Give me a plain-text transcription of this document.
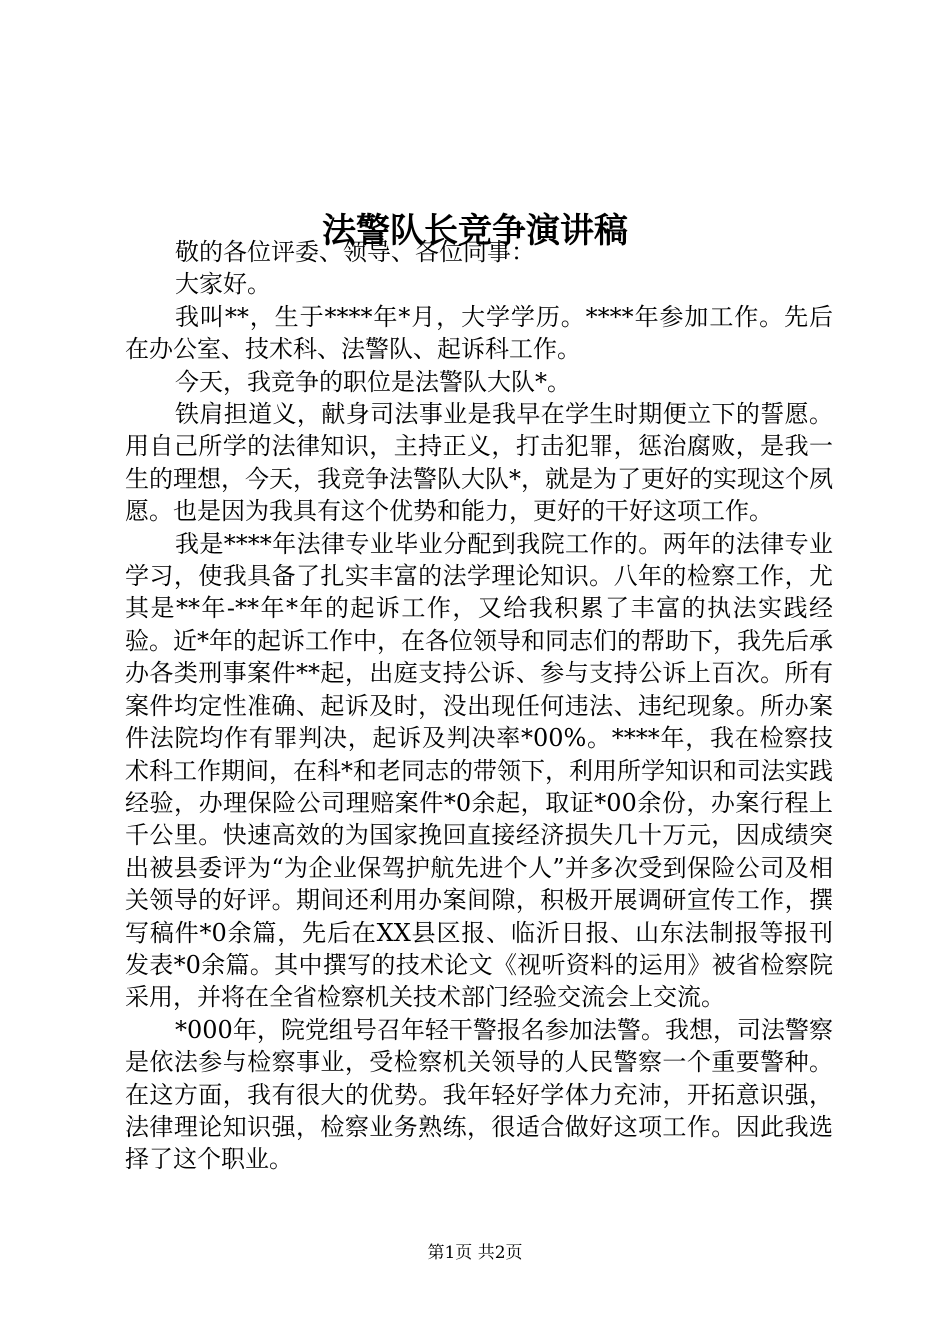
法警队长竞争演讲稿

敬的各位评委、领导、各位同事：

大家好。

我叫**，生于****年*月，大学学历。****年参加工作。先后在办公室、技术科、法警队、起诉科工作。

今天，我竞争的职位是法警队大队*。

铁肩担道义，献身司法事业是我早在学生时期便立下的誓愿。用自己所学的法律知识，主持正义，打击犯罪，惩治腐败，是我一生的理想，今天，我竞争法警队大队*，就是为了更好的实现这个夙愿。也是因为我具有这个优势和能力，更好的干好这项工作。

我是****年法律专业毕业分配到我院工作的。两年的法律专业学习，使我具备了扎实丰富的法学理论知识。八年的检察工作，尤其是**年-**年*年的起诉工作，又给我积累了丰富的执法实践经验。近*年的起诉工作中，在各位领导和同志们的帮助下，我先后承办各类刑事案件**起，出庭支持公诉、参与支持公诉上百次。所有案件均定性准确、起诉及时，没出现任何违法、违纪现象。所办案件法院均作有罪判决，起诉及判决率*00%。****年，我在检察技术科工作期间，在科*和老同志的带领下，利用所学知识和司法实践经验，办理保险公司理赔案件*0余起，取证*00余份，办案行程上千公里。快速高效的为国家挽回直接经济损失几十万元，因成绩突出被县委评为“为企业保驾护航先进个人”并多次受到保险公司及相关领导的好评。期间还利用办案间隙，积极开展调研宣传工作，撰写稿件*0余篇，先后在XX县区报、临沂日报、山东法制报等报刊发表*0余篇。其中撰写的技术论文《视听资料的运用》被省检察院采用，并将在全省检察机关技术部门经验交流会上交流。

*000年，院党组号召年轻干警报名参加法警。我想，司法警察是依法参与检察事业，受检察机关领导的人民警察一个重要警种。在这方面，我有很大的优势。我年轻好学体力充沛，开拓意识强，法律理论知识强，检察业务熟练，很适合做好这项工作。因此我选择了这个职业。

第1页 共2页
